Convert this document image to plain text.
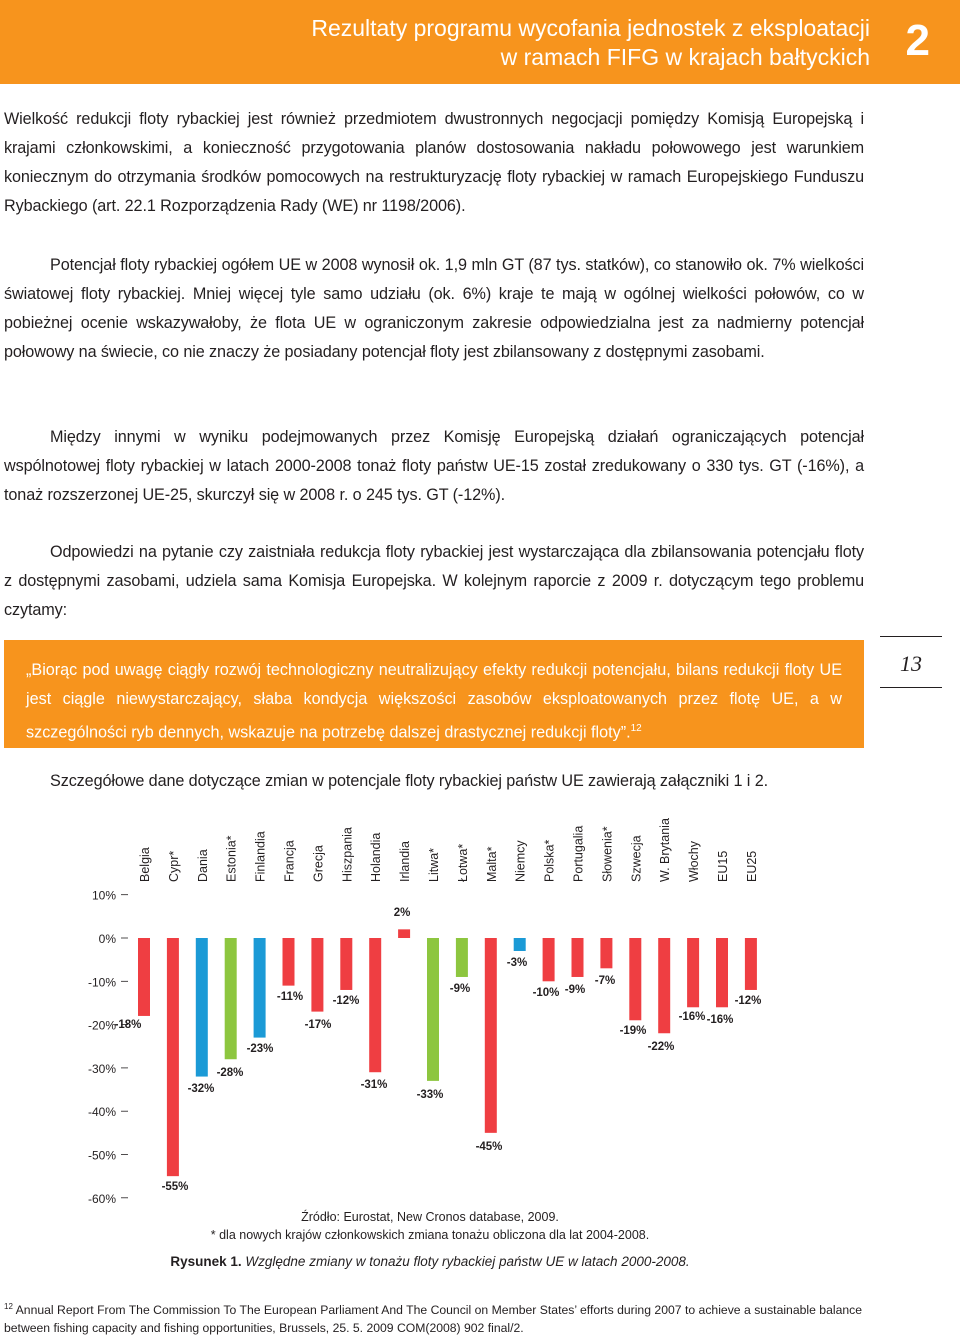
Rezultaty programu wycofania jednostek z eksploatacji
w ramach FIFG w krajach bałtyckich 2

Wielkość redukcji floty rybackiej jest również przedmiotem dwustronnych negocjacji pomiędzy Komisją Europejską i krajami członkowskimi, a konieczność przygotowania planów dostosowania nakładu połowowego jest warunkiem koniecznym do otrzymania środków pomocowych na restrukturyzację floty rybackiej w ramach Europejskiego Funduszu Rybackiego (art. 22.1 Rozporządzenia Rady (WE) nr 1198/2006).

Potencjał floty rybackiej ogółem UE w 2008 wynosił ok. 1,9 mln GT (87 tys. statków), co stanowiło ok. 7% wielkości światowej floty rybackiej. Mniej więcej tyle samo udziału (ok. 6%) kraje te mają w ogólnej wielkości połowów, co w pobieżnej ocenie wskazywałoby, że flota UE w ograniczonym zakresie odpowiedzialna jest za nadmierny potencjał połowowy na świecie, co nie znaczy że posiadany potencjał floty jest zbilansowany z dostępnymi zasobami.

Między innymi w wyniku podejmowanych przez Komisję Europejską działań ograniczających potencjał wspólnotowej floty rybackiej w latach 2000-2008 tonaż floty państw UE-15 został zredukowany o 330 tys. GT (-16%), a tonaż rozszerzonej UE-25, skurczył się w 2008 r. o 245 tys. GT (-12%).

Odpowiedzi na pytanie czy zaistniała redukcja floty rybackiej jest wystarczająca dla zbilansowania potencjału floty z dostępnymi zasobami, udziela sama Komisja Europejska. W kolejnym raporcie z 2009 r. dotyczącym tego problemu czytamy:

„Biorąc pod uwagę ciągły rozwój technologiczny neutralizujący efekty redukcji potencjału, bilans redukcji floty UE jest ciągle niewystarczający, słaba kondycja większości zasobów eksploatowanych przez flotę UE, a w szczególności ryb dennych, wskazuje na potrzebę dalszej drastycznej redukcji floty”.$^{12}$
13

Szczegółowe dane dotyczące zmian w potencjale floty rybackiej państw UE zawierają załączniki 1 i 2.

10%
0%
-10%
-20%
-30%
-40%
-50%
-60%
Belgia Cypr* Dania Estonia* Finlandia Francja Grecja Hiszpania Holandia Irlandia Litwa* Łotwa* Malta* Niemcy Polska* Portugalia Słowenia* Szwecja W. Brytania Włochy EU15 EU25
-18%
-55%
-32%
-28%
-23%
-11%
-17%
-12%
-31%
2%
-33%
-9%
-45%
-3%
-10% -9%
-7%
-19%
-22%
-16% -16%
-12%
Źródło: Eurostat, New Cronos database, 2009.
* dla nowych krajów członkowskich zmiana tonażu obliczona dla lat 2004-2008.
Rysunek 1. Względne zmiany w tonażu floty rybackiej państw UE w latach 2000-2008.
$^{12}$ Annual Report From The Commission To The European Parliament And The Council on Member States’ efforts during 2007 to achieve a sustainable balance between fishing capacity and fishing opportunities, Brussels, 25. 5. 2009 COM(2008) 902 final/2.
